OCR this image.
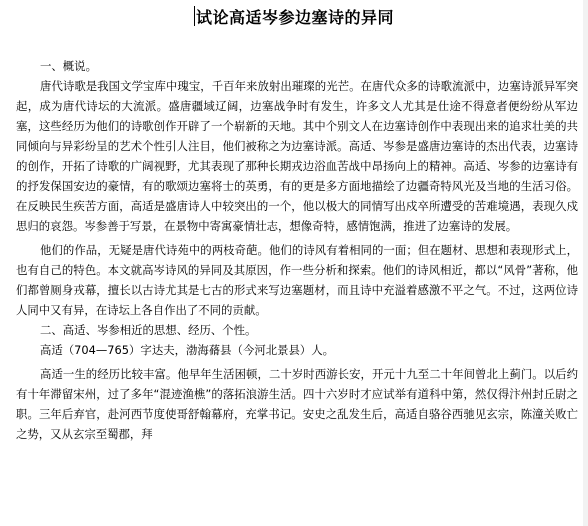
试论高适岑参边塞诗的异同

一、概说。

唐代诗歌是我国文学宝库中瑰宝，千百年来放射出璀璨的光芒。在唐代众多的诗歌流派中，边塞诗派异军突起，成为唐代诗坛的大流派。盛唐疆域辽阔，边塞战争时有发生，许多文人尤其是仕途不得意者便纷纷从军边塞，这些经历为他们的诗歌创作开辟了一个崭新的天地。其中个别文人在边塞诗创作中表现出来的追求壮美的共同倾向与异彩纷呈的艺术个性引人注目，他们被称之为边塞诗派。高适、岑参是盛唐边塞诗的杰出代表，边塞诗的创作，开拓了诗歌的广阔视野，尤其表现了那种长期戎边浴血苦战中昂扬向上的精神。高适、岑参的边塞诗有的抒发保国安边的豪情，有的歌颂边塞将士的英勇，有的更是多方面地描绘了边疆奇特风光及当地的生活习俗。在反映民生疾苦方面，高适是盛唐诗人中较突出的一个，他以极大的同情写出戍卒所遭受的苦难境遇，表现久戍思归的哀怨。岑参善于写景，在景物中寄寓豪情壮志，想像奇特，感情饱满，推进了边塞诗的发展。

他们的作品，无疑是唐代诗苑中的两枝奇葩。他们的诗风有着相同的一面；但在题材、思想和表现形式上，也有自己的特色。本文就高岑诗风的异同及其原因，作一些分析和探索。他们的诗风相近，都以“风骨”著称，他们都曾厕身戎幕，擅长以古诗尤其是七古的形式来写边塞题材，而且诗中充溢着感激不平之气。不过，这两位诗人同中又有异，在诗坛上各自作出了不同的贡献。

二、高适、岑参相近的思想、经历、个性。

高适（704—765）字达夫，渤海蓨县（今河北景县）人。

高适一生的经历比较丰富。他早年生活困顿，二十岁时西游长安，开元十九至二十年间曾北上蓟门。以后约有十年滞留宋州，过了多年“混迹渔樵”的落拓浪游生活。四十六岁时才应试举有道科中第，然仅得汴州封丘尉之职。三年后弃官，赴河西节度使哥舒翰幕府，充掌书记。安史之乱发生后，高适自骆谷西驰见玄宗，陈潼关败亡之势，又从玄宗至蜀郡，拜
